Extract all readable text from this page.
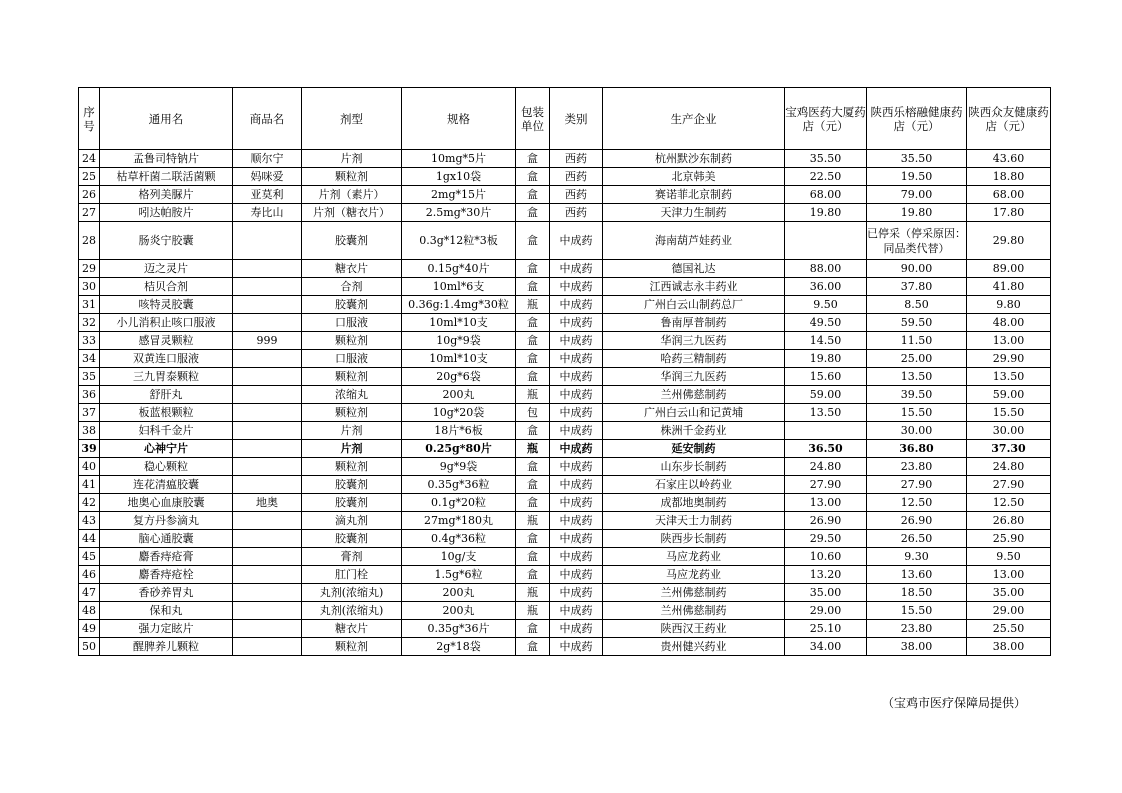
序号	通用名	商品名	剂型	规格	包装单位	类别	生产企业	宝鸡医药大厦药店（元）	陕西乐榕融健康药店（元）	陕西众友健康药店（元）
24	孟鲁司特钠片	顺尔宁	片剂	10mg*5片	盒	西药	杭州默沙东制药	35.50	35.50	43.60
25	枯草杆菌二联活菌颗	妈咪爱	颗粒剂	1gx10袋	盒	西药	北京韩美	22.50	19.50	18.80
26	格列美脲片	亚莫利	片剂（素片）	2mg*15片	盒	西药	赛诺菲北京制药	68.00	79.00	68.00
27	吲达帕胺片	寿比山	片剂（糖衣片）	2.5mg*30片	盒	西药	天津力生制药	19.80	19.80	17.80
28	肠炎宁胶囊		胶囊剂	0.3g*12粒*3板	盒	中成药	海南葫芦娃药业		已停采（停采原因：同品类代替）	29.80
29	迈之灵片		糖衣片	0.15g*40片	盒	中成药	德国礼达	88.00	90.00	89.00
30	桔贝合剂		合剂	10ml*6支	盒	中成药	江西诚志永丰药业	36.00	37.80	41.80
31	咳特灵胶囊		胶囊剂	0.36g:1.4mg*30粒	瓶	中成药	广州白云山制药总厂	9.50	8.50	9.80
32	小儿消积止咳口服液		口服液	10ml*10支	盒	中成药	鲁南厚普制药	49.50	59.50	48.00
33	感冒灵颗粒	999	颗粒剂	10g*9袋	盒	中成药	华润三九医药	14.50	11.50	13.00
34	双黄连口服液		口服液	10ml*10支	盒	中成药	哈药三精制药	19.80	25.00	29.90
35	三九胃泰颗粒		颗粒剂	20g*6袋	盒	中成药	华润三九医药	15.60	13.50	13.50
36	舒肝丸		浓缩丸	200丸	瓶	中成药	兰州佛慈制药	59.00	39.50	59.00
37	板蓝根颗粒		颗粒剂	10g*20袋	包	中成药	广州白云山和记黄埔	13.50	15.50	15.50
38	妇科千金片		片剂	18片*6板	盒	中成药	株洲千金药业		30.00	30.00
39	心神宁片		片剂	0.25g*80片	瓶	中成药	延安制药	36.50	36.80	37.30
40	稳心颗粒		颗粒剂	9g*9袋	盒	中成药	山东步长制药	24.80	23.80	24.80
41	连花清瘟胶囊		胶囊剂	0.35g*36粒	盒	中成药	石家庄以岭药业	27.90	27.90	27.90
42	地奥心血康胶囊	地奥	胶囊剂	0.1g*20粒	盒	中成药	成都地奥制药	13.00	12.50	12.50
43	复方丹参滴丸		滴丸剂	27mg*180丸	瓶	中成药	天津天士力制药	26.90	26.90	26.80
44	脑心通胶囊		胶囊剂	0.4g*36粒	盒	中成药	陕西步长制药	29.50	26.50	25.90
45	麝香痔疮膏		膏剂	10g/支	盒	中成药	马应龙药业	10.60	9.30	9.50
46	麝香痔疮栓		肛门栓	1.5g*6粒	盒	中成药	马应龙药业	13.20	13.60	13.00
47	香砂养胃丸		丸剂(浓缩丸)	200丸	瓶	中成药	兰州佛慈制药	35.00	18.50	35.00
48	保和丸		丸剂(浓缩丸)	200丸	瓶	中成药	兰州佛慈制药	29.00	15.50	29.00
49	强力定眩片		糖衣片	0.35g*36片	盒	中成药	陕西汉王药业	25.10	23.80	25.50
50	醒脾养儿颗粒		颗粒剂	2g*18袋	盒	中成药	贵州健兴药业	34.00	38.00	38.00
（宝鸡市医疗保障局提供）
